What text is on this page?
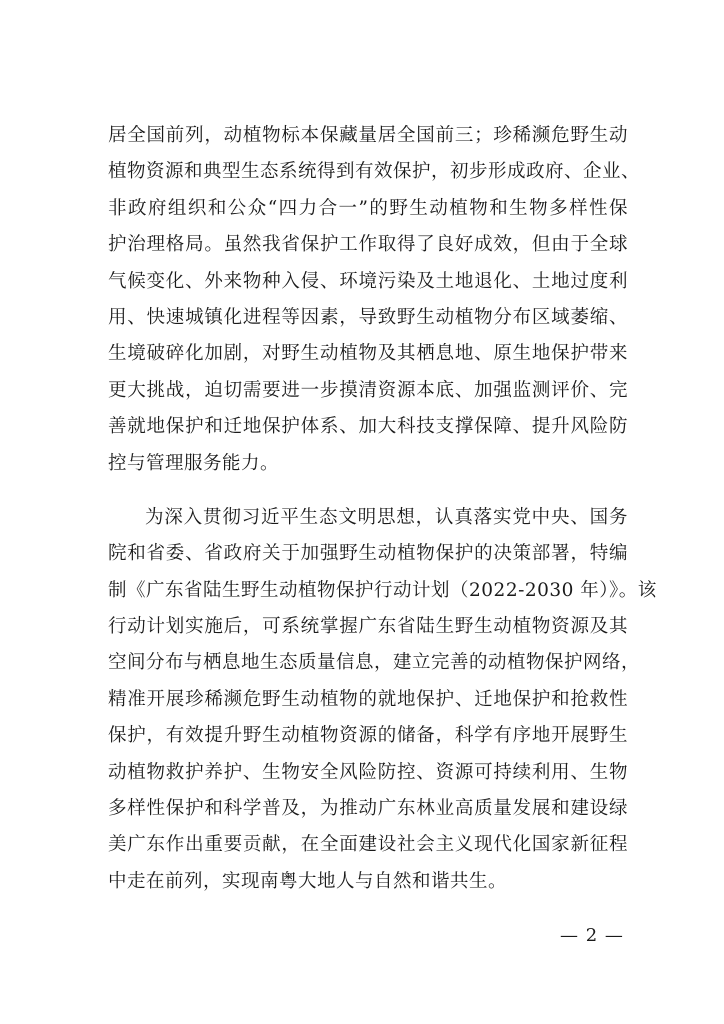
居全国前列，动植物标本保藏量居全国前三；珍稀濒危野生动
植物资源和典型生态系统得到有效保护，初步形成政府、企业、
非政府组织和公众“四力合一”的野生动植物和生物多样性保
护治理格局。虽然我省保护工作取得了良好成效，但由于全球
气候变化、外来物种入侵、环境污染及土地退化、土地过度利
用、快速城镇化进程等因素，导致野生动植物分布区域萎缩、
生境破碎化加剧，对野生动植物及其栖息地、原生地保护带来
更大挑战，迫切需要进一步摸清资源本底、加强监测评价、完
善就地保护和迁地保护体系、加大科技支撑保障、提升风险防
控与管理服务能力。
为深入贯彻习近平生态文明思想，认真落实党中央、国务
院和省委、省政府关于加强野生动植物保护的决策部署，特编
制《广东省陆生野生动植物保护行动计划（2022-2030 年）》。该
行动计划实施后，可系统掌握广东省陆生野生动植物资源及其
空间分布与栖息地生态质量信息，建立完善的动植物保护网络，
精准开展珍稀濒危野生动植物的就地保护、迁地保护和抢救性
保护，有效提升野生动植物资源的储备，科学有序地开展野生
动植物救护养护、生物安全风险防控、资源可持续利用、生物
多样性保护和科学普及，为推动广东林业高质量发展和建设绿
美广东作出重要贡献，在全面建设社会主义现代化国家新征程
中走在前列，实现南粤大地人与自然和谐共生。
— 2 —
